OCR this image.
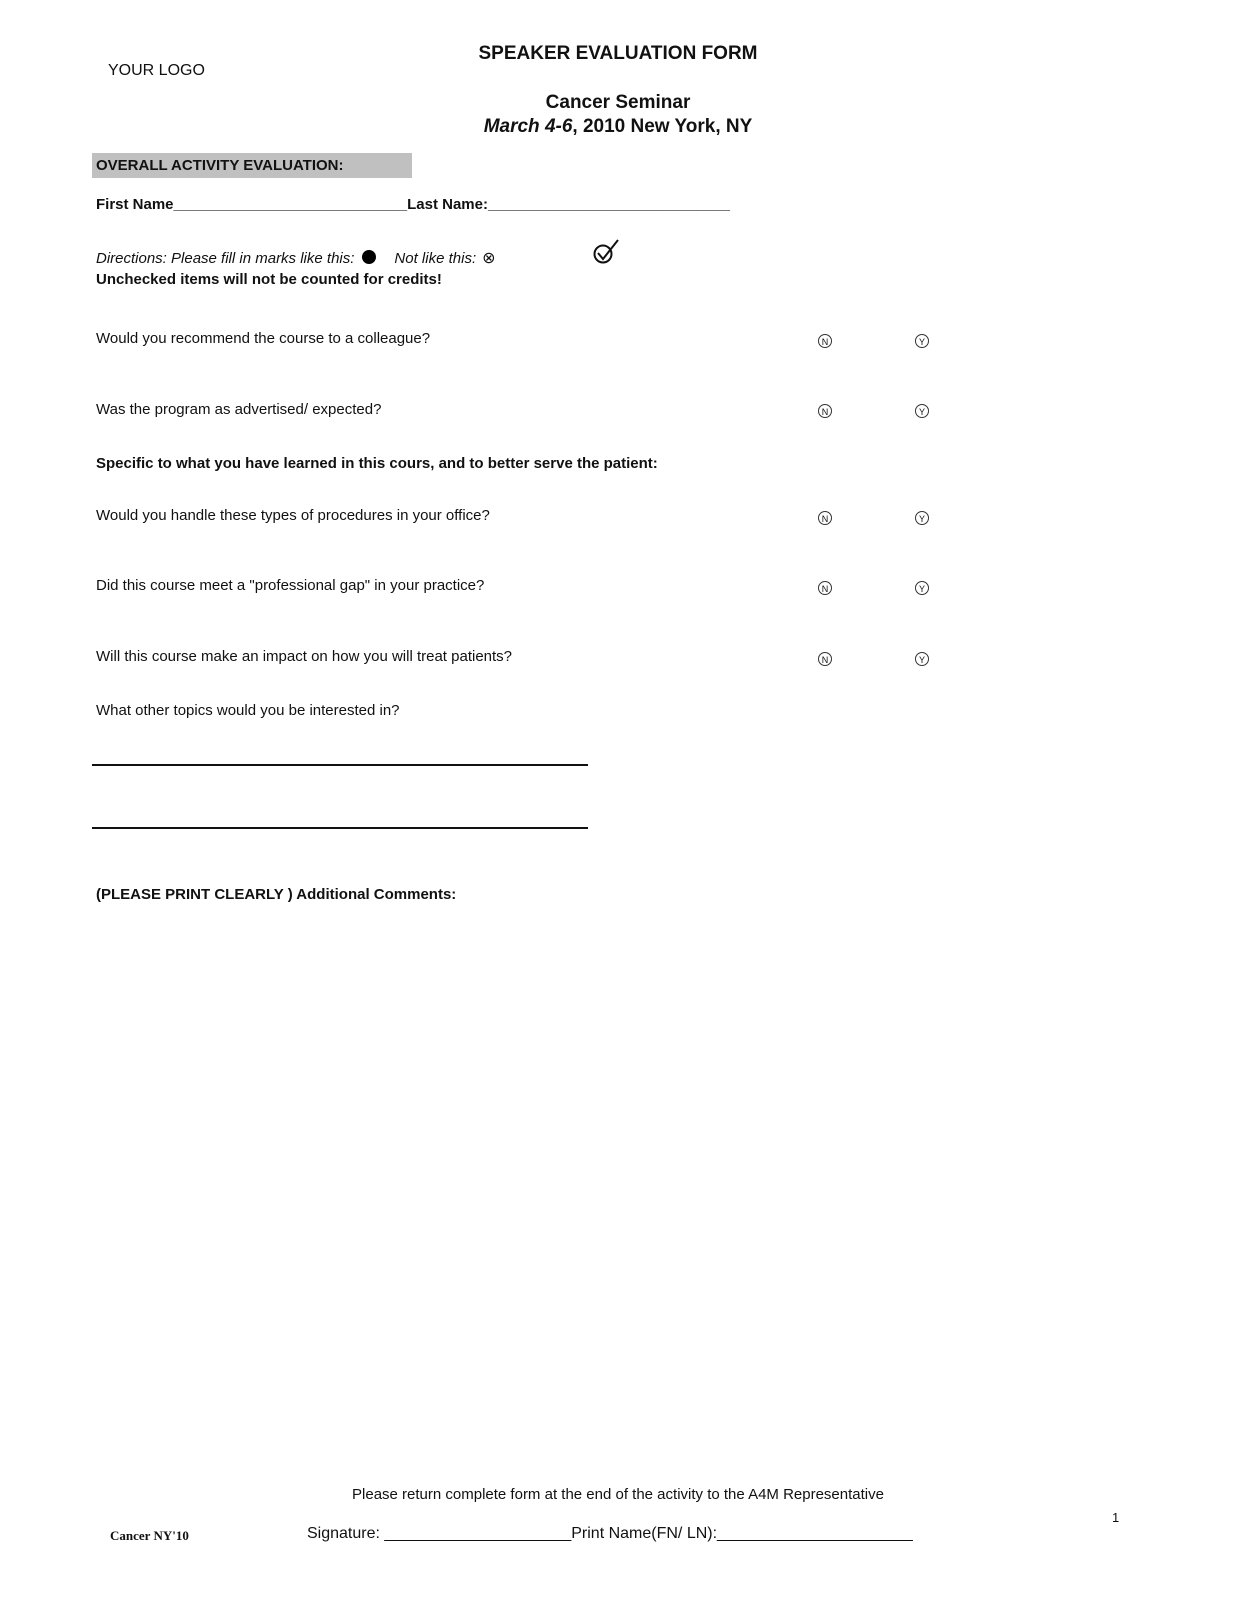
YOUR LOGO
SPEAKER EVALUATION FORM
Cancer Seminar
March 4-6, 2010 New York, NY
OVERALL ACTIVITY EVALUATION:
First Name____________________________Last Name:_____________________________
Directions: Please fill in marks like this:	Not like this: ⊗
Unchecked items will not be counted for credits!
Would you recommend the course to a colleague?	N	Y
Was the program as advertised/ expected?	N	Y
Specific to what you have learned in this cours, and to better serve the patient:
Would you handle these types of procedures in your office?	N	Y
Did this course meet a "professional gap" in your practice?	N	Y
Will this course make an impact on how you will treat patients?	N	Y
What other topics would you be interested in?
(PLEASE PRINT CLEARLY ) Additional Comments:
Please return complete form at the end of the activity to the A4M Representative
Cancer NY'10	Signature: _____________________Print Name(FN/ LN):______________________
1
